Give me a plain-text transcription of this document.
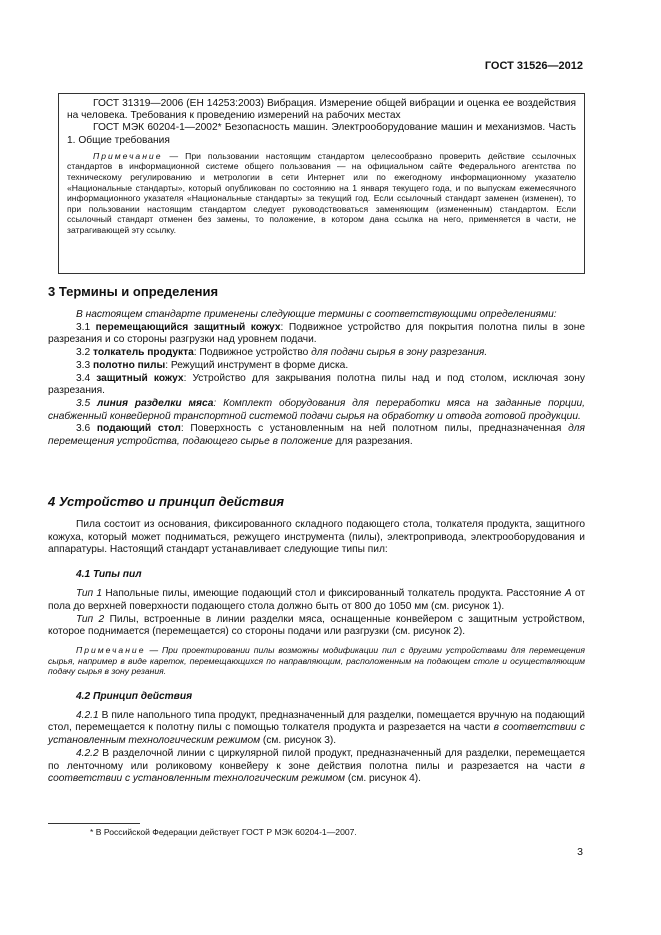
ГОСТ 31526—2012

ГОСТ 31319—2006 (ЕН 14253:2003) Вибрация. Измерение общей вибрации и оценка ее воздействия на человека. Требования к проведению измерений на рабочих местах

ГОСТ МЭК 60204-1—2002* Безопасность машин. Электрооборудование машин и механизмов. Часть 1. Общие требования

Примечание — При пользовании настоящим стандартом целесообразно проверить действие ссылочных стандартов в информационной системе общего пользования — на официальном сайте Федерального агентства по техническому регулированию и метрологии в сети Интернет или по ежегодному информационному указателю «Национальные стандарты», который опубликован по состоянию на 1 января текущего года, и по выпускам ежемесячного информационного указателя «Национальные стандарты» за текущий год. Если ссылочный стандарт заменен (изменен), то при пользовании настоящим стандартом следует руководствоваться заменяющим (измененным) стандартом. Если ссылочный стандарт отменен без замены, то положение, в котором дана ссылка на него, применяется в части, не затрагивающей эту ссылку.

3 Термины и определения

В настоящем стандарте применены следующие термины с соответствующими определениями:

3.1 перемещающийся защитный кожух: Подвижное устройство для покрытия полотна пилы в зоне разрезания и со стороны разгрузки над уровнем подачи.

3.2 толкатель продукта: Подвижное устройство для подачи сырья в зону разрезания.

3.3 полотно пилы: Режущий инструмент в форме диска.

3.4 защитный кожух: Устройство для закрывания полотна пилы над и под столом, исключая зону разрезания.

3.5 линия разделки мяса: Комплект оборудования для переработки мяса на заданные порции, снабженный конвейерной транспортной системой подачи сырья на обработку и отвода готовой продукции.

3.6 подающий стол: Поверхность с установленным на ней полотном пилы, предназначенная для перемещения устройства, подающего сырье в положение для разрезания.

4 Устройство и принцип действия

Пила состоит из основания, фиксированного складного подающего стола, толкателя продукта, защитного кожуха, который может подниматься, режущего инструмента (пилы), электропривода, электрооборудования и аппаратуры. Настоящий стандарт устанавливает следующие типы пил:

4.1 Типы пил

Тип 1 Напольные пилы, имеющие подающий стол и фиксированный толкатель продукта. Расстояние А от пола до верхней поверхности подающего стола должно быть от 800 до 1050 мм (см. рисунок 1).

Тип 2 Пилы, встроенные в линии разделки мяса, оснащенные конвейером с защитным устройством, которое поднимается (перемещается) со стороны подачи или разгрузки (см. рисунок 2).

Примечание — При проектировании пилы возможны модификации пил с другими устройствами для перемещения сырья, например в виде кареток, перемещающихся по направляющим, расположенным на подающем столе и осуществляющим подачу сырья в зону резания.

4.2 Принцип действия

4.2.1 В пиле напольного типа продукт, предназначенный для разделки, помещается вручную на подающий стол, перемещается к полотну пилы с помощью толкателя продукта и разрезается на части в соответствии с установленным технологическим режимом (см. рисунок 3).

4.2.2 В разделочной линии с циркулярной пилой продукт, предназначенный для разделки, перемещается по ленточному или роликовому конвейеру к зоне действия полотна пилы и разрезается на части в соответствии с установленным технологическим режимом (см. рисунок 4).

* В Российской Федерации действует ГОСТ Р МЭК 60204-1—2007.
3
